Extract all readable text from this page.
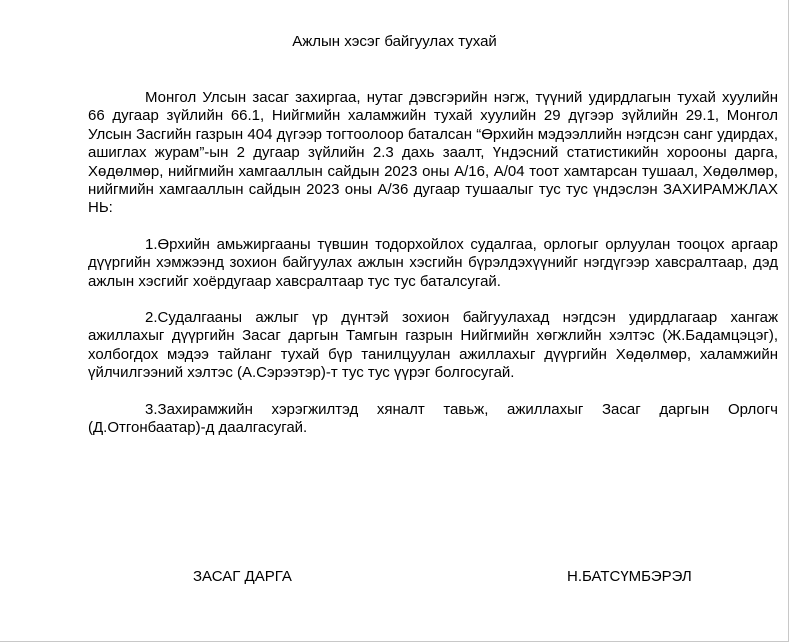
Ажлын хэсэг байгуулах тухай

Монгол Улсын засаг захиргаа, нутаг дэвсгэрийн нэгж, түүний удирдлагын тухай хуулийн 66 дугаар зүйлийн 66.1, Нийгмийн халамжийн тухай хуулийн 29 дүгээр зүйлийн 29.1, Монгол Улсын Засгийн газрын 404 дүгээр тогтоолоор баталсан “Өрхийн мэдээллийн нэгдсэн санг удирдах, ашиглах журам”-ын 2 дугаар зүйлийн 2.3 дахь заалт, Үндэсний статистикийн хорооны дарга, Хөдөлмөр, нийгмийн хамгааллын сайдын 2023 оны А/16, А/04 тоот хамтарсан тушаал, Хөдөлмөр, нийгмийн хамгааллын сайдын 2023 оны А/36 дугаар тушаалыг тус тус үндэслэн ЗАХИРАМЖЛАХ НЬ:

1.Өрхийн амьжиргааны түвшин тодорхойлох судалгаа, орлогыг орлуулан тооцох аргаар дүүргийн хэмжээнд зохион байгуулах ажлын хэсгийн бүрэлдэхүүнийг нэгдүгээр хавсралтаар, дэд ажлын хэсгийг хоёрдугаар хавсралтаар тус тус баталсугай.

2.Судалгааны ажлыг үр дүнтэй зохион байгуулахад нэгдсэн удирдлагаар хангаж ажиллахыг дүүргийн Засаг даргын Тамгын газрын Нийгмийн хөгжлийн хэлтэс (Ж.Бадамцэцэг), холбогдох мэдээ тайланг тухай бүр танилцуулан ажиллахыг дүүргийн Хөдөлмөр, халамжийн үйлчилгээний хэлтэс (А.Сэрээтэр)-т тус тус үүрэг болгосугай.

3.Захирамжийн хэрэгжилтэд хяналт тавьж, ажиллахыг Засаг даргын Орлогч (Д.Отгонбаатар)-д даалгасугай.

ЗАСАГ ДАРГА	Н.БАТСҮМБЭРЭЛ
